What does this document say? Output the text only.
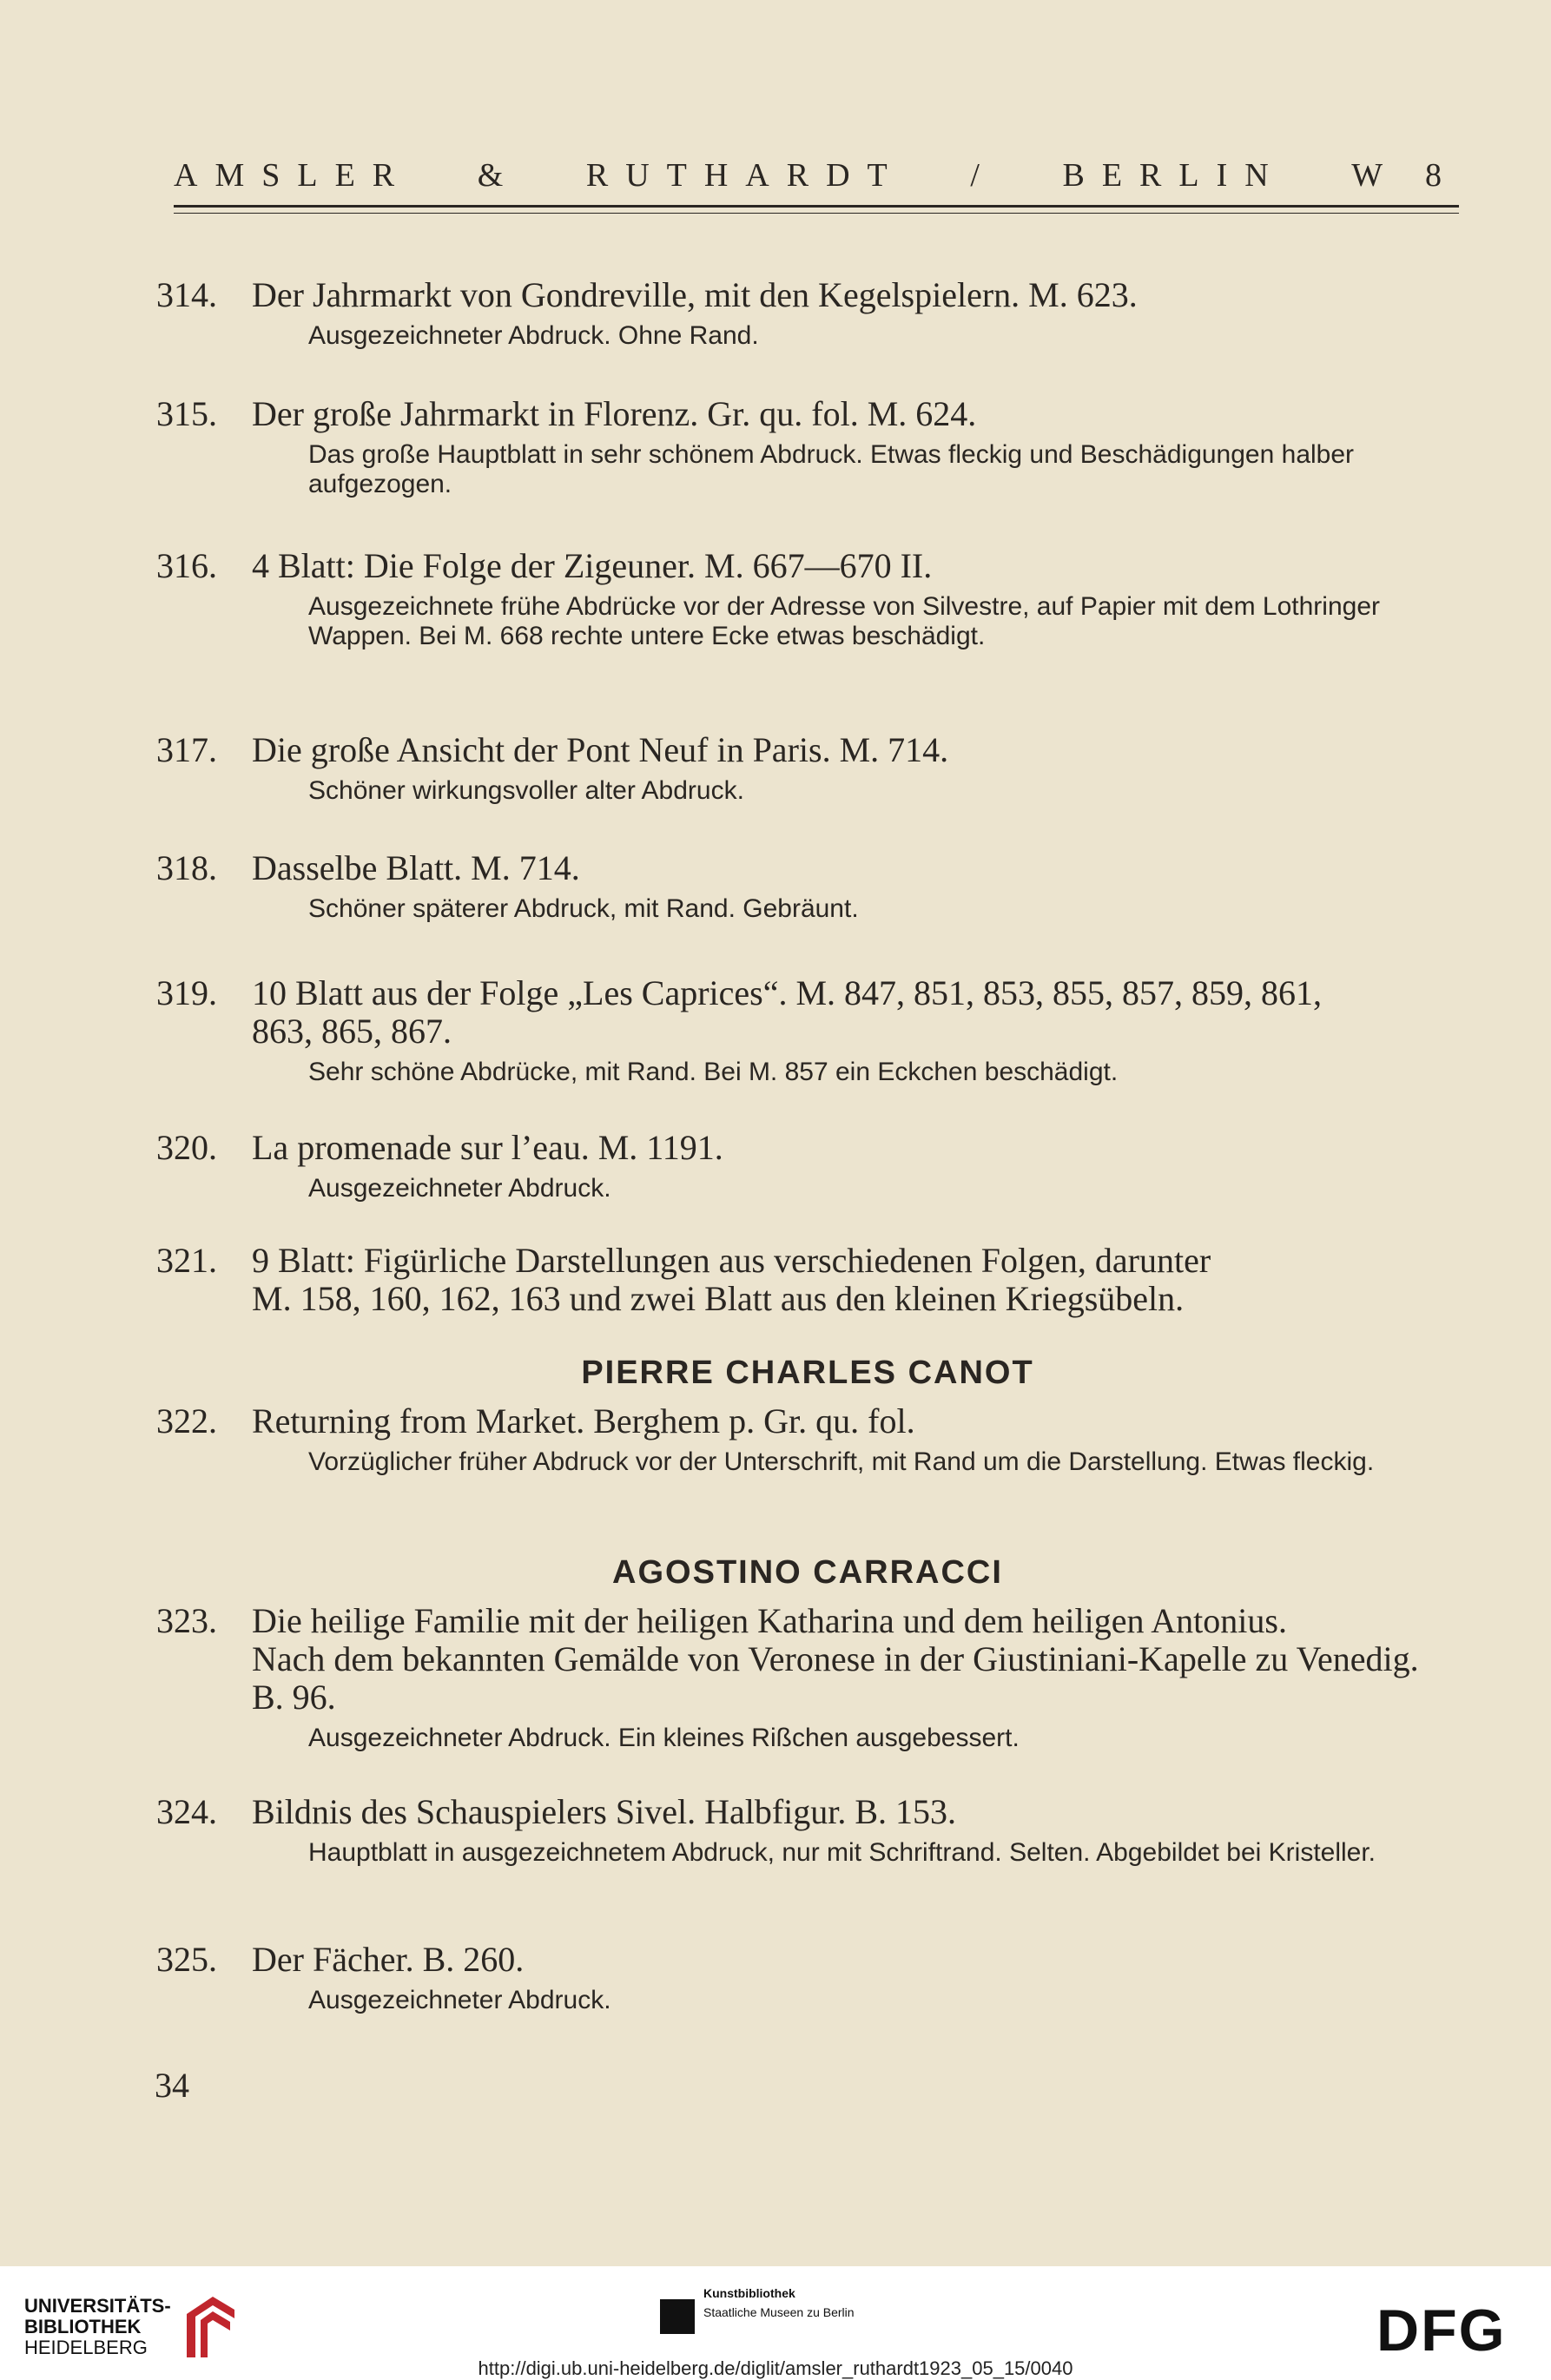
AMSLER & RUTHARDT / BERLIN W 8
314.	Der Jahrmarkt von Gondreville, mit den Kegelspielern. M. 623.
Ausgezeichneter Abdruck. Ohne Rand.
315.	Der große Jahrmarkt in Florenz. Gr. qu. fol. M. 624.
Das große Hauptblatt in sehr schönem Abdruck. Etwas fleckig und Beschädigungen halber aufgezogen.
316.	4 Blatt: Die Folge der Zigeuner. M. 667—670 II.
Ausgezeichnete frühe Abdrücke vor der Adresse von Silvestre, auf Papier mit dem Lothringer Wappen. Bei M. 668 rechte untere Ecke etwas beschädigt.
317.	Die große Ansicht der Pont Neuf in Paris. M. 714.
Schöner wirkungsvoller alter Abdruck.
318.	Dasselbe Blatt. M. 714.
Schöner späterer Abdruck, mit Rand. Gebräunt.
319.	10 Blatt aus der Folge „Les Caprices“. M. 847, 851, 853, 855, 857, 859, 861,
863, 865, 867.
Sehr schöne Abdrücke, mit Rand. Bei M. 857 ein Eckchen beschädigt.
320.	La promenade sur l’eau. M. 1191.
Ausgezeichneter Abdruck.
321.	9 Blatt: Figürliche Darstellungen aus verschiedenen Folgen, darunter
M. 158, 160, 162, 163 und zwei Blatt aus den kleinen Kriegsübeln.
PIERRE CHARLES CANOT
322.	Returning from Market. Berghem p. Gr. qu. fol.
Vorzüglicher früher Abdruck vor der Unterschrift, mit Rand um die Darstellung. Etwas fleckig.
AGOSTINO CARRACCI
323.	Die heilige Familie mit der heiligen Katharina und dem heiligen Antonius.
Nach dem bekannten Gemälde von Veronese in der Giustiniani-Kapelle zu Venedig. B. 96.
Ausgezeichneter Abdruck. Ein kleines Rißchen ausgebessert.
324.	Bildnis des Schauspielers Sivel. Halbfigur. B. 153.
Hauptblatt in ausgezeichnetem Abdruck, nur mit Schriftrand. Selten. Abgebildet bei Kristeller.
325.	Der Fächer. B. 260.
Ausgezeichneter Abdruck.
34
UNIVERSITÄTS-
BIBLIOTHEK
HEIDELBERG
Kunstbibliothek
Staatliche Museen zu Berlin	DFG
http://digi.ub.uni-heidelberg.de/diglit/amsler_ruthardt1923_05_15/0040
